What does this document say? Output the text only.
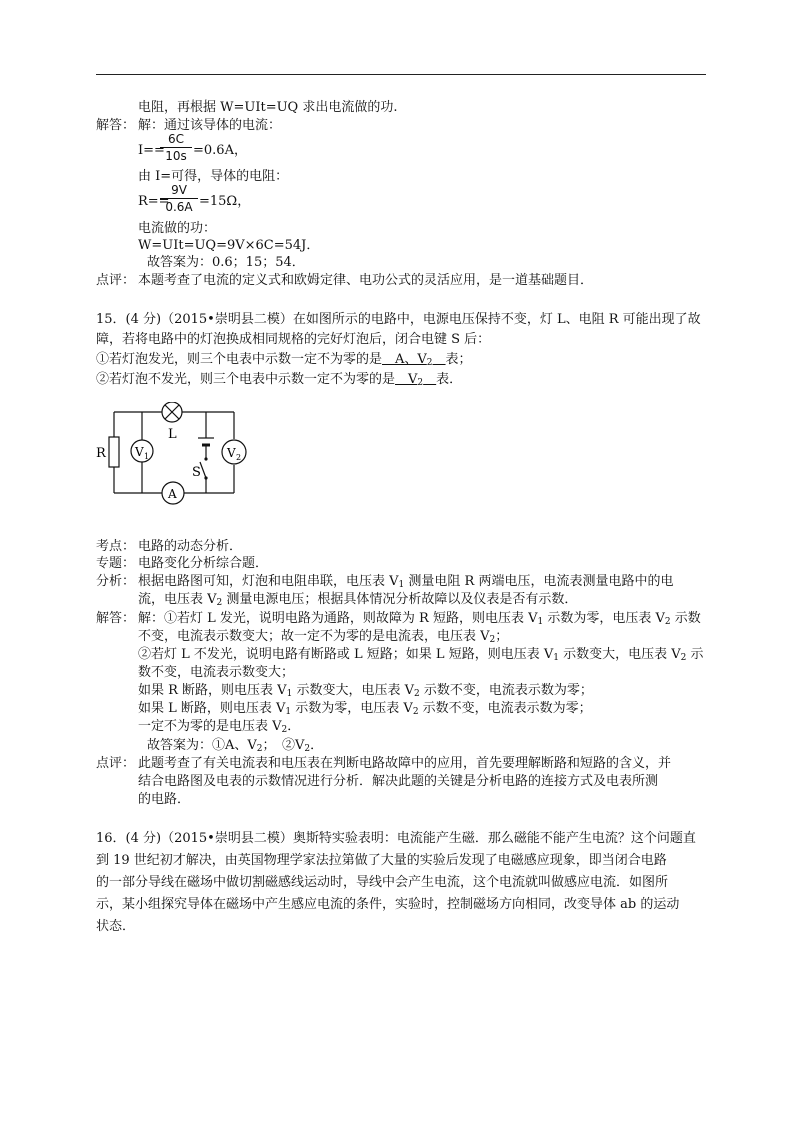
电阻，再根据 W=UIt=UQ 求出电流做的功.
解答： 解：通过该导体的电流：
I==
6C
10s =0.6A，
由 I=可得，导体的电阻：
R==
9V
0.6A =15Ω，
电流做的功：
W=UIt=UQ=9V×6C=54J．
故答案为：0.6；15；54．
点评： 本题考查了电流的定义式和欧姆定律、电功公式的灵活应用，是一道基础题目．
15．(4 分)（2015•崇明县二模）在如图所示的电路中，电源电压保持不变，灯 L、电阻 R 可能出现了故
障，若将电路中的灯泡换成相同规格的完好灯泡后，闭合电键 S 后：
①若灯泡发光，则三个电表中示数一定不为零的是　A、$V_2$　 表；
②若灯泡不发光，则三个电表中示数一定不为零的是　$V_2$　 表．
R
L
S
V 1	V 2
A
考点： 电路的动态分析．
专题： 电路变化分析综合题．
分析： 根据电路图可知，灯泡和电阻串联，电压表 $V_1$ 测量电阻 R 两端电压，电流表测量电路中的电
流，电压表 $V_2$ 测量电源电压；根据具体情况分析故障以及仪表是否有示数．
解答： 解：①若灯 L 发光，说明电路为通路，则故障为 R 短路，则电压表 $V_1$ 示数为零，电压表 $V_2$ 示数
不变，电流表示数变大；故一定不为零的是电流表，电压表 $V_2$；
②若灯 L 不发光，说明电路有断路或 L 短路；如果 L 短路，则电压表 $V_1$ 示数变大，电压表 $V_2$ 示
数不变，电流表示数变大；
如果 R 断路，则电压表 $V_1$ 示数变大，电压表 $V_2$ 示数不变，电流表示数为零；
如果 L 断路，则电压表 $V_1$ 示数为零，电压表 $V_2$ 示数不变，电流表示数为零；
一定不为零的是电压表 $V_2$．
故答案为：①A、$V_2$；　$②V_2$．
点评： 此题考查了有关电流表和电压表在判断电路故障中的应用，首先要理解断路和短路的含义，并
结合电路图及电表的示数情况进行分析．解决此题的关键是分析电路的连接方式及电表所测
的电路．
16．(4 分)（2015•崇明县二模）奥斯特实验表明：电流能产生磁．那么磁能不能产生电流？这个问题直
到 19 世纪初才解决，由英国物理学家法拉第做了大量的实验后发现了电磁感应现象，即当闭合电路
的一部分导线在磁场中做切割磁感线运动时，导线中会产生电流，这个电流就叫做感应电流．如图所
示，某小组探究导体在磁场中产生感应电流的条件，实验时，控制磁场方向相同，改变导体 ab 的运动
状态．
